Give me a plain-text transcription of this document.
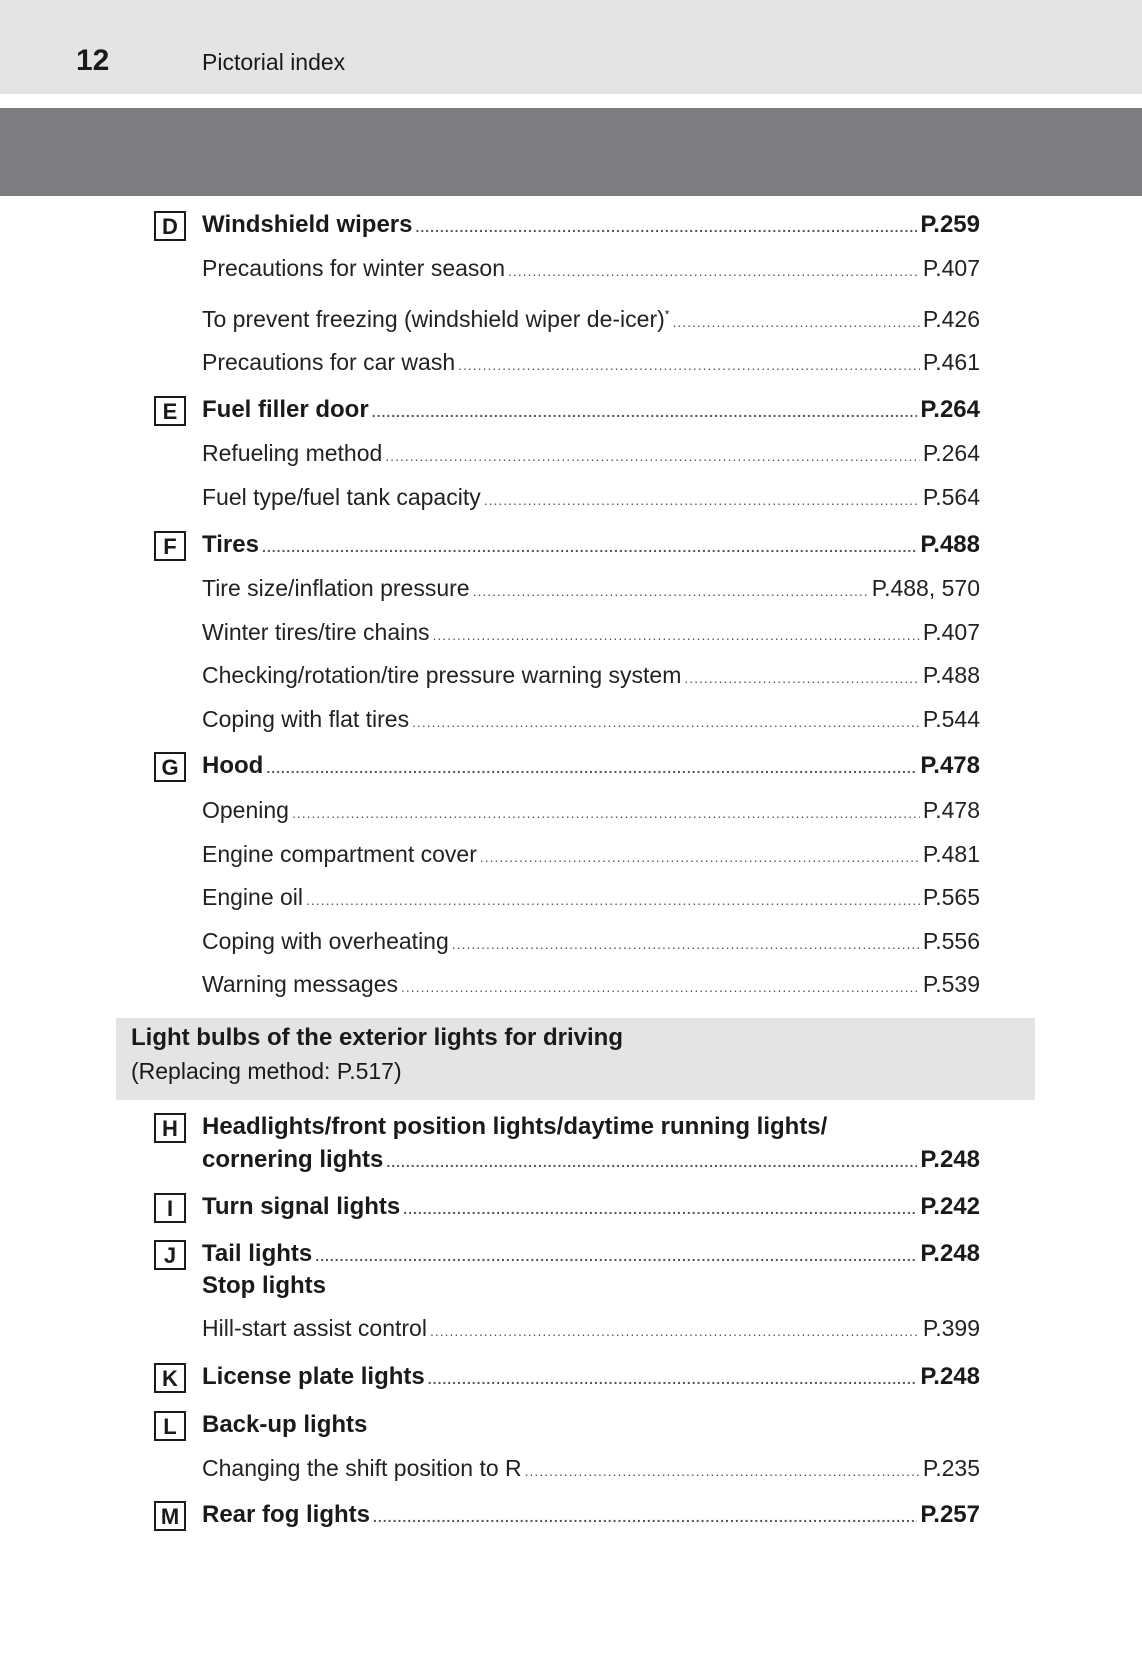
12	Pictorial index
D	Windshield wipers .....	P.259
Precautions for winter season .....	P.407
To prevent freezing (windshield wiper de-icer)* .....	P.426
Precautions for car wash .....	P.461
E	Fuel filler door .....	P.264
Refueling method .....	P.264
Fuel type/fuel tank capacity .....	P.564
F	Tires .....	P.488
Tire size/inflation pressure .....	P.488, 570
Winter tires/tire chains .....	P.407
Checking/rotation/tire pressure warning system .....	P.488
Coping with flat tires .....	P.544
G Hood .....	P.478
Opening .....	P.478
Engine compartment cover .....	P.481
Engine oil .....	P.565
Coping with overheating .....	P.556
Warning messages .....	P.539
Light bulbs of the exterior lights for driving
(Replacing method: P.517)
H	Headlights/front position lights/daytime running lights/
cornering lights .....	P.248
I	Turn signal lights .....	P.242
J	Tail lights .....	P.248
Stop lights
Hill-start assist control .....	P.399
K	License plate lights .....	P.248
L	Back-up lights
Changing the shift position to R .....	P.235
M Rear fog lights .....	P.257
